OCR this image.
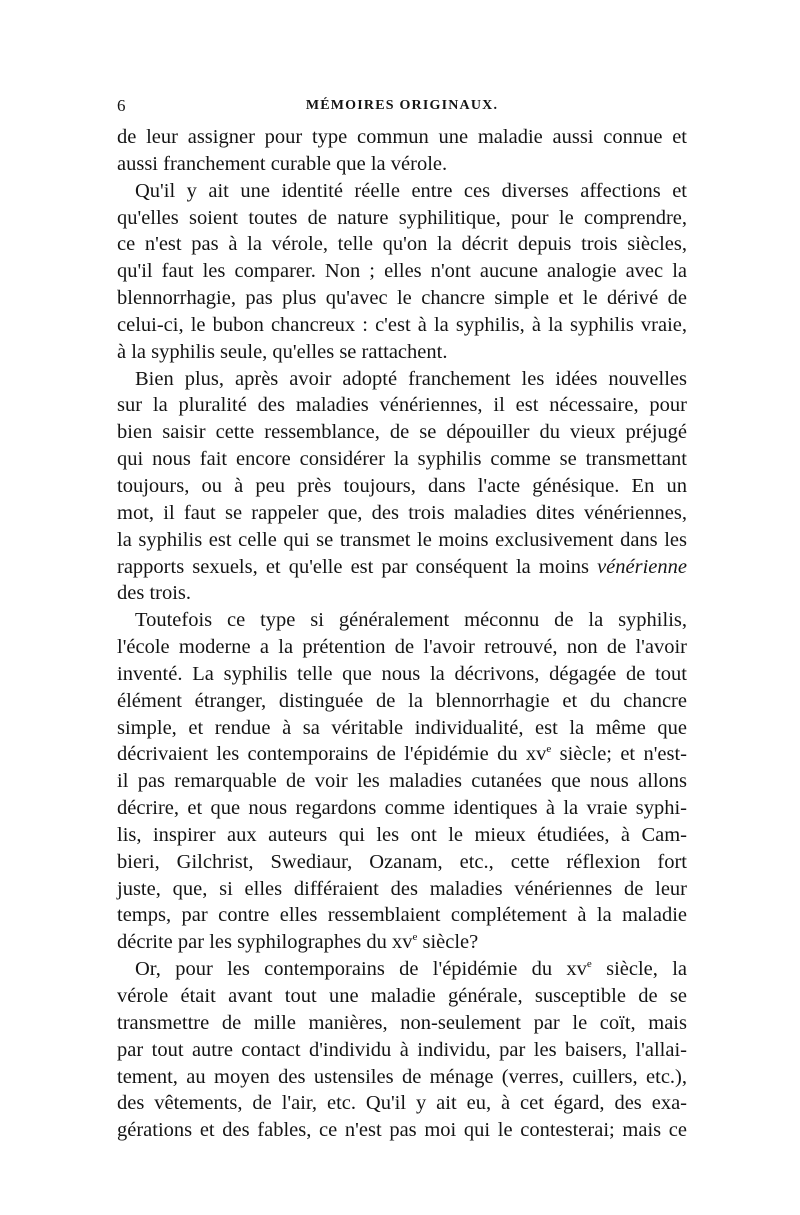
6	MÉMOIRES ORIGINAUX.
de leur assigner pour type commun une maladie aussi connue et
aussi franchement curable que la vérole.
Qu'il y ait une identité réelle entre ces diverses affections et
qu'elles soient toutes de nature syphilitique, pour le comprendre,
ce n'est pas à la vérole, telle qu'on la décrit depuis trois siècles,
qu'il faut les comparer. Non ; elles n'ont aucune analogie avec la
blennorrhagie, pas plus qu'avec le chancre simple et le dérivé de
celui-ci, le bubon chancreux : c'est à la syphilis, à la syphilis vraie,
à la syphilis seule, qu'elles se rattachent.
Bien plus, après avoir adopté franchement les idées nouvelles
sur la pluralité des maladies vénériennes, il est nécessaire, pour
bien saisir cette ressemblance, de se dépouiller du vieux préjugé
qui nous fait encore considérer la syphilis comme se transmettant
toujours, ou à peu près toujours, dans l'acte génésique. En un
mot, il faut se rappeler que, des trois maladies dites vénériennes,
la syphilis est celle qui se transmet le moins exclusivement dans les
rapports sexuels, et qu'elle est par conséquent la moins vénérienne
des trois.
Toutefois ce type si généralement méconnu de la syphilis,
l'école moderne a la prétention de l'avoir retrouvé, non de l'avoir
inventé. La syphilis telle que nous la décrivons, dégagée de tout
élément étranger, distinguée de la blennorrhagie et du chancre
simple, et rendue à sa véritable individualité, est la même que
décrivaient les contemporains de l'épidémie du $xv^e$ siècle; et n'est-
il pas remarquable de voir les maladies cutanées que nous allons
décrire, et que nous regardons comme identiques à la vraie syphi-
lis, inspirer aux auteurs qui les ont le mieux étudiées, à Cam-
bieri, Gilchrist, Swediaur, Ozanam, etc., cette réflexion fort
juste, que, si elles différaient des maladies vénériennes de leur
temps, par contre elles ressemblaient complétement à la maladie
décrite par les syphilographes du $xv^e$ siècle?
Or, pour les contemporains de l'épidémie du $xv^e$ siècle, la
vérole était avant tout une maladie générale, susceptible de se
transmettre de mille manières, non-seulement par le coït, mais
par tout autre contact d'individu à individu, par les baisers, l'allai-
tement, au moyen des ustensiles de ménage (verres, cuillers, etc.),
des vêtements, de l'air, etc. Qu'il y ait eu, à cet égard, des exa-
gérations et des fables, ce n'est pas moi qui le contesterai; mais ce
